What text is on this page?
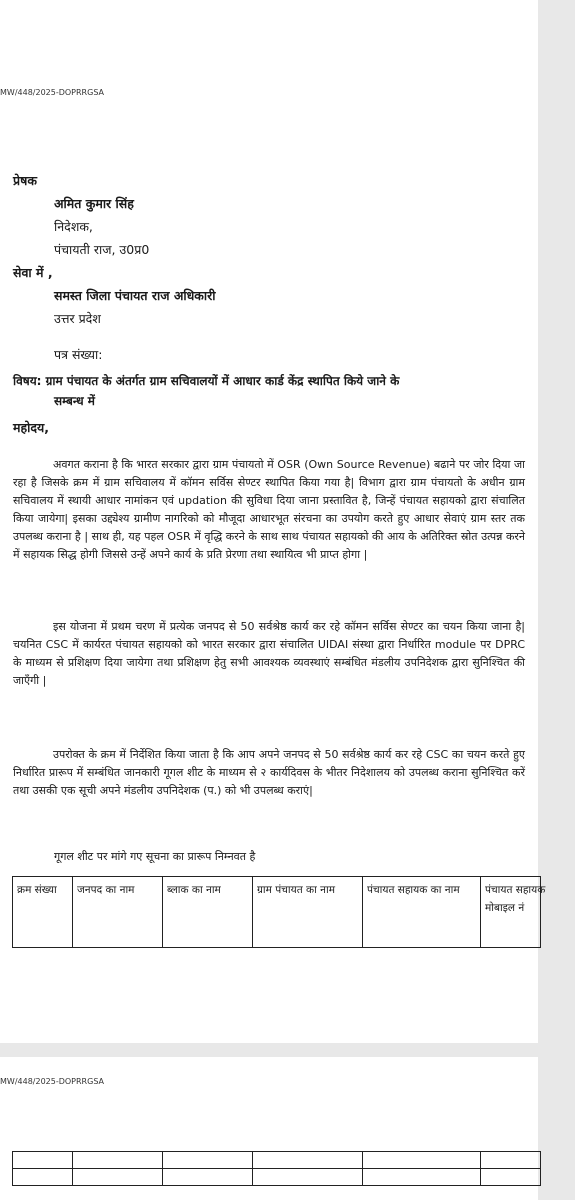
MW/448/2025-DOPRRGSA
प्रेषक
अमित कुमार सिंह
निदेशक,
पंचायती राज, उ0प्र0
सेवा में ,
समस्त जिला पंचायत राज अधिकारी
उत्तर प्रदेश
पत्र संख्या:
विषय: ग्राम पंचायत के अंतर्गत ग्राम सचिवालयों में आधार कार्ड केंद्र स्थापित किये जाने के
सम्बन्ध में
महोदय,

अवगत कराना है कि भारत सरकार द्वारा ग्राम पंचायतो में OSR (Own Source Revenue) बढाने पर जोर दिया जा रहा है जिसके क्रम में ग्राम सचिवालय में कॉमन सर्विस सेण्टर स्थापित किया गया है| विभाग द्वारा ग्राम पंचायतो के अधीन ग्राम सचिवालय में स्थायी आधार नामांकन एवं updation की सुविधा दिया जाना प्रस्तावित है, जिन्हें पंचायत सहायको द्वारा संचालित किया जायेगा| इसका उद्द्येश्य ग्रामीण नागरिको को मौजूदा आधारभूत संरचना का उपयोग करते हुए आधार सेवाएं ग्राम स्तर तक उपलब्ध कराना है | साथ ही, यह पहल OSR में वृद्धि करने के साथ साथ पंचायत सहायको की आय के अतिरिक्त स्रोत उत्पन्न करने में सहायक सिद्ध होगी जिससे उन्हें अपने कार्य के प्रति प्रेरणा तथा स्थायित्व भी प्राप्त होगा |

इस योजना में प्रथम चरण में प्रत्येक जनपद से 50 सर्वश्रेष्ठ कार्य कर रहे कॉमन सर्विस सेण्टर का चयन किया जाना है| चयनित CSC में कार्यरत पंचायत सहायको को भारत सरकार द्वारा संचालित UIDAI संस्था द्वारा निर्धारित module पर DPRC के माध्यम से प्रशिक्षण दिया जायेगा तथा प्रशिक्षण हेतु सभी आवश्यक व्यवस्थाएं सम्बंधित मंडलीय उपनिदेशक द्वारा सुनिश्चित की जाएँगी |

उपरोक्त के क्रम में निर्देशित किया जाता है कि आप अपने जनपद से 50 सर्वश्रेष्ठ कार्य कर रहे CSC का चयन करते हुए निर्धारित प्रारूप में सम्बंधित जानकारी गूगल शीट के माध्यम से २ कार्यदिवस के भीतर निदेशालय को उपलब्ध कराना सुनिश्चित करें तथा उसकी एक सूची अपने मंडलीय उपनिदेशक (प.) को भी उपलब्ध कराएं|

गूगल शीट पर मांगे गए सूचना का प्रारूप निम्नवत है
क्रम संख्या	जनपद का नाम	ब्लाक का नाम	ग्राम पंचायत का नाम	पंचायत सहायक का नाम	पंचायत सहायक मोबाइल नं
MW/448/2025-DOPRRGSA
